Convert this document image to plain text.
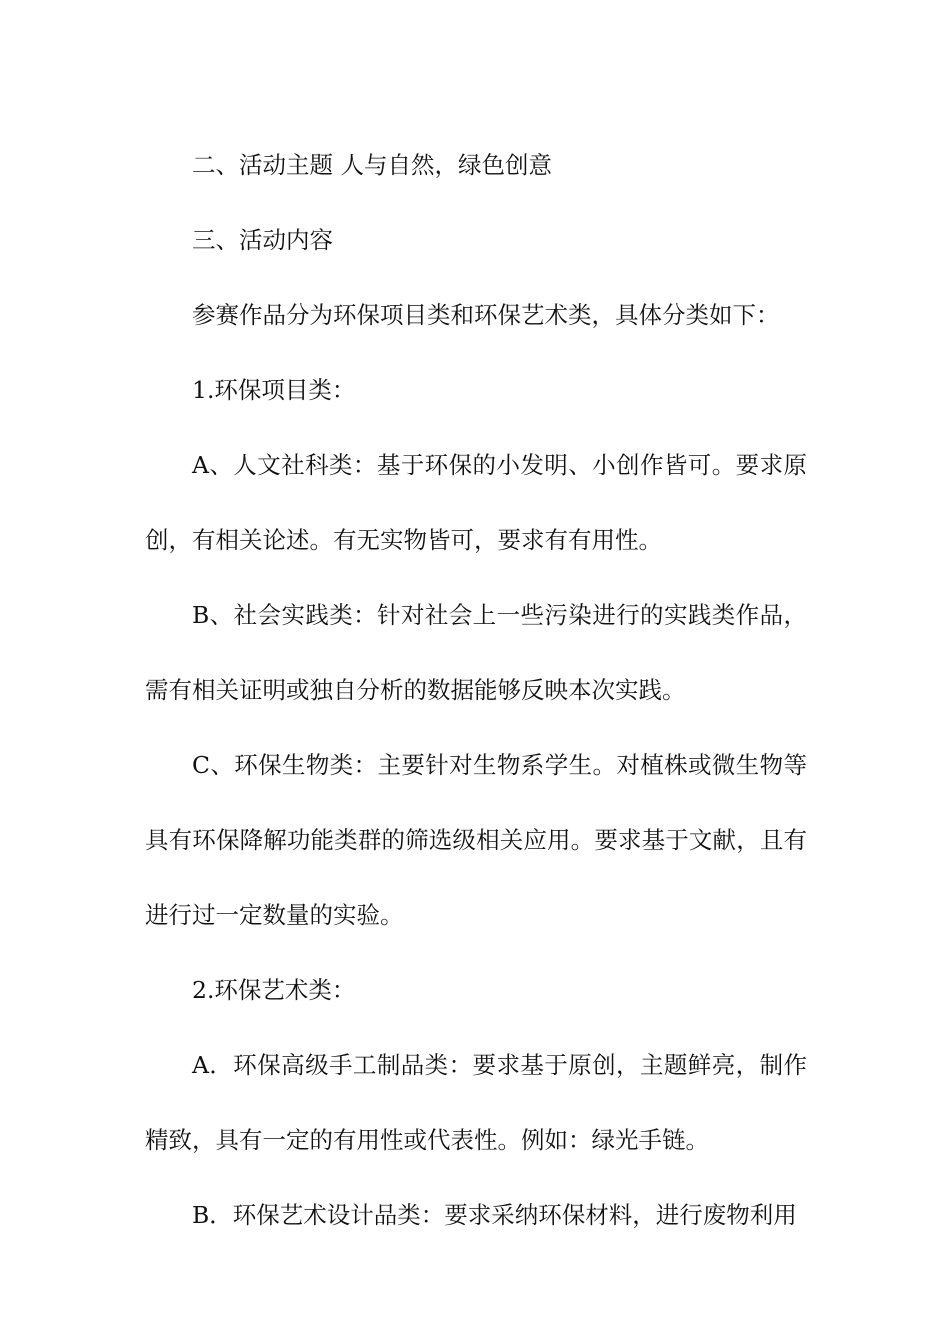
二、活动主题 人与自然，绿色创意

三、活动内容

参赛作品分为环保项目类和环保艺术类，具体分类如下：

1.环保项目类：

A、人文社科类：基于环保的小发明、小创作皆可。要求原创，有相关论述。有无实物皆可，要求有有用性。

B、社会实践类：针对社会上一些污染进行的实践类作品，需有相关证明或独自分析的数据能够反映本次实践。

C、环保生物类：主要针对生物系学生。对植株或微生物等具有环保降解功能类群的筛选级相关应用。要求基于文献，且有进行过一定数量的实验。

2.环保艺术类：

A．环保高级手工制品类：要求基于原创，主题鲜亮，制作精致，具有一定的有用性或代表性。例如：绿光手链。

B．环保艺术设计品类：要求采纳环保材料，进行废物利用
